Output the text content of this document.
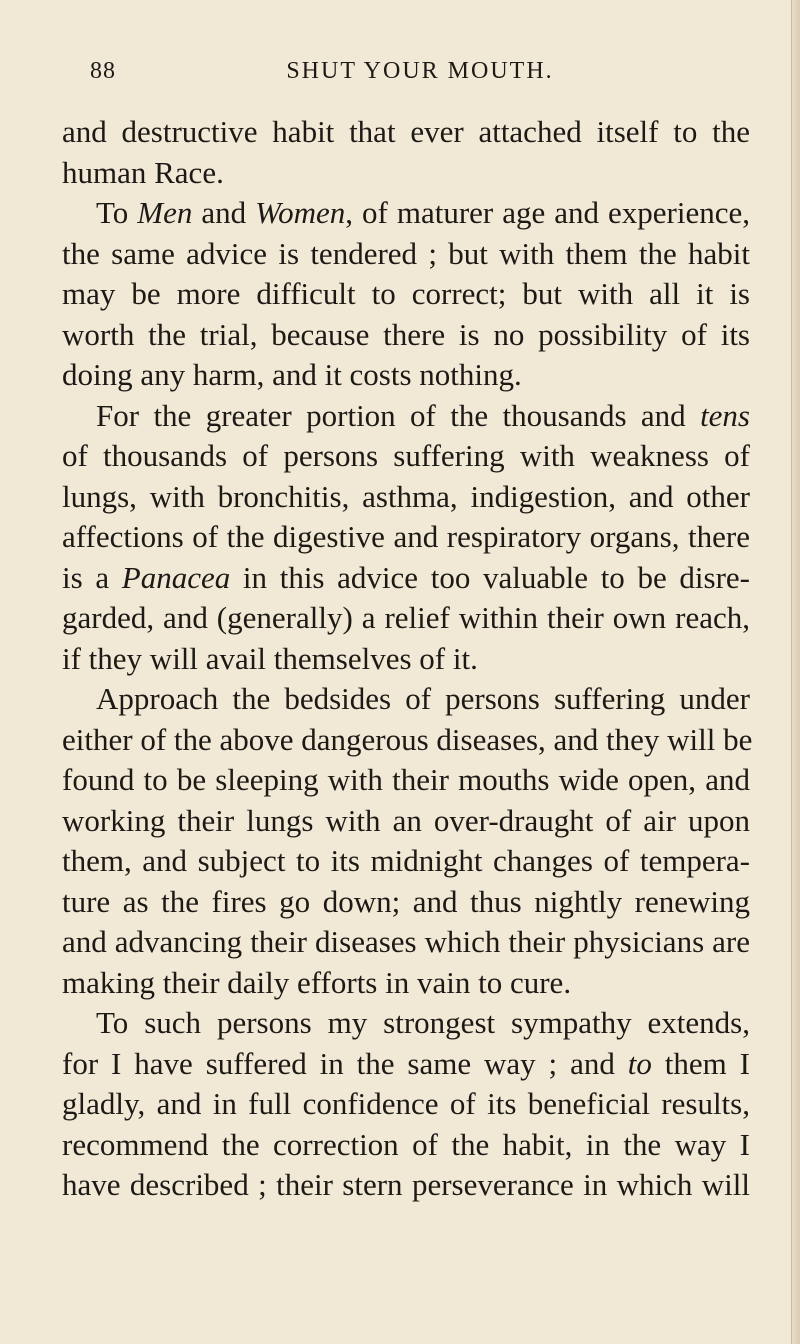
88	SHUT YOUR MOUTH.
and destructive habit that ever attached itself to the
human Race.
To Men and Women, of maturer age and experience,
the same advice is tendered ; but with them the habit
may be more difficult to correct; but with all it is
worth the trial, because there is no possibility of its
doing any harm, and it costs nothing.
For the greater portion of the thousands and tens
of thousands of persons suffering with weakness of
lungs, with bronchitis, asthma, indigestion, and other
affections of the digestive and respiratory organs, there
is a Panacea in this advice too valuable to be disre-
garded, and (generally) a relief within their own reach,
if they will avail themselves of it.
Approach the bedsides of persons suffering under
either of the above dangerous diseases, and they will be
found to be sleeping with their mouths wide open, and
working their lungs with an over-draught of air upon
them, and subject to its midnight changes of tempera-
ture as the fires go down; and thus nightly renewing
and advancing their diseases which their physicians are
making their daily efforts in vain to cure.
To such persons my strongest sympathy extends,
for I have suffered in the same way ; and to them I
gladly, and in full confidence of its beneficial results,
recommend the correction of the habit, in the way I
have described ; their stern perseverance in which will
